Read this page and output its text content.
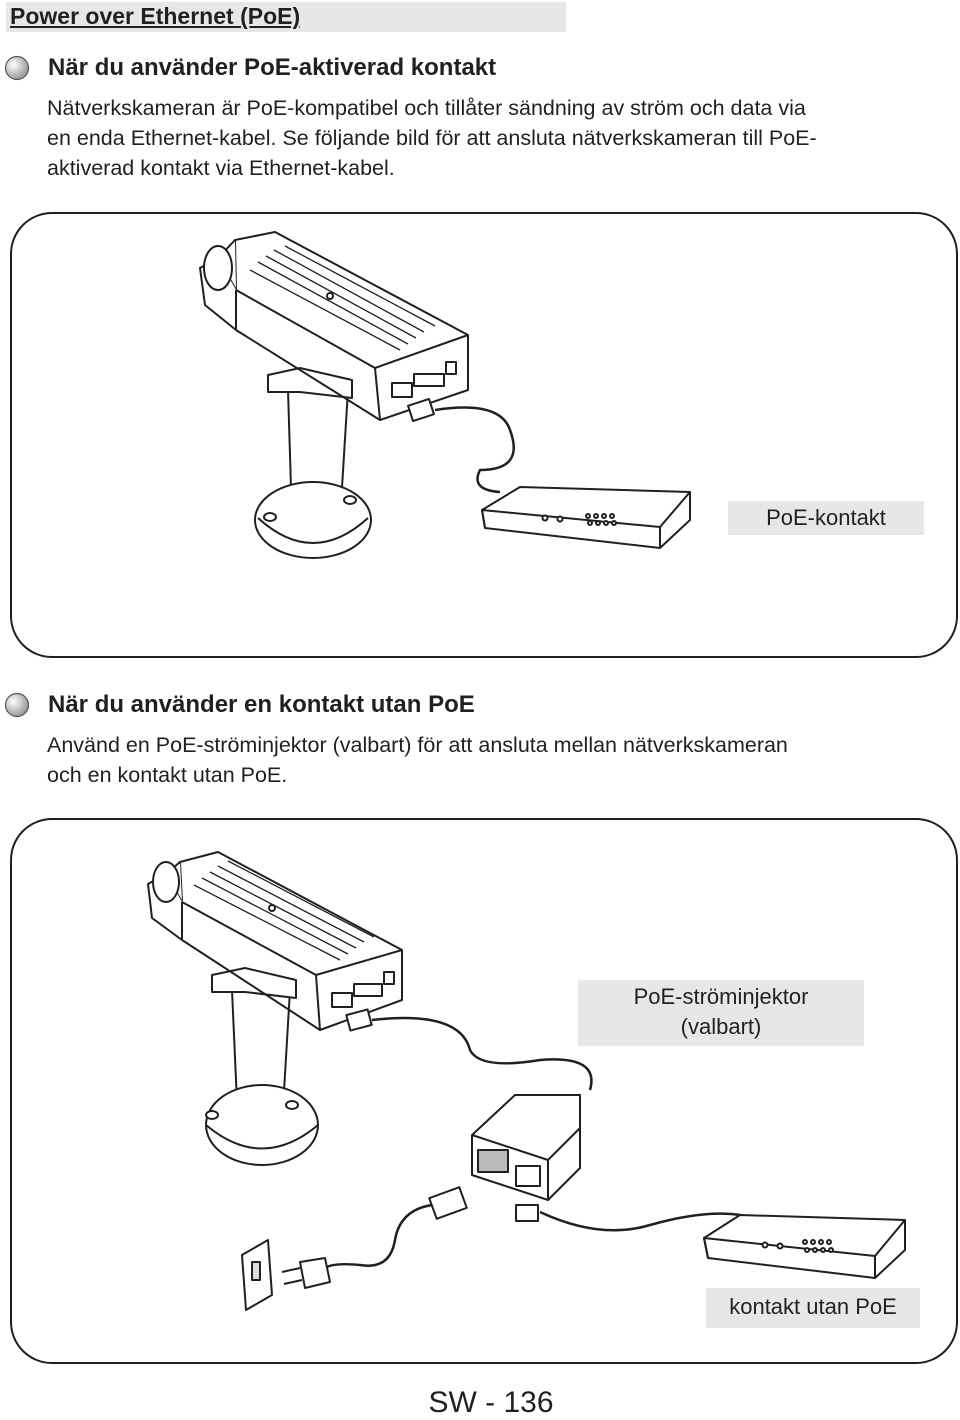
Power over Ethernet (PoE)
När du använder PoE-aktiverad kontakt
Nätverkskameran är PoE-kompatibel och tillåter sändning av ström och data via
en enda Ethernet-kabel. Se följande bild för att ansluta nätverkskameran till PoE-
aktiverad kontakt via Ethernet-kabel.
PoE-kontakt
När du använder en kontakt utan PoE
Använd en PoE-ströminjektor (valbart) för att ansluta mellan nätverkskameran
och en kontakt utan PoE.
PoE-ströminjektor
(valbart)
kontakt utan PoE
SW - 136
